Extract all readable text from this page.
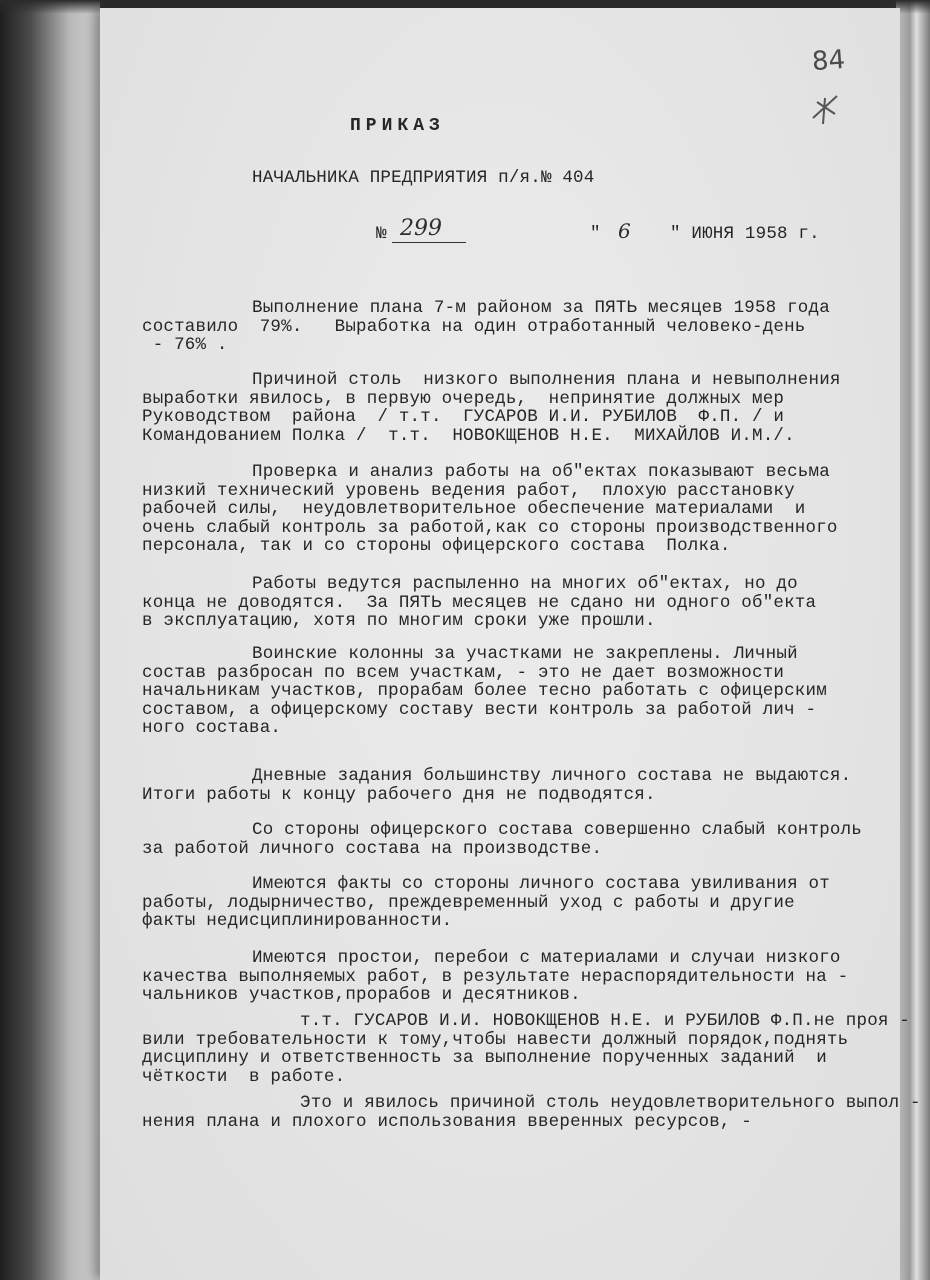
84
ПРИКАЗ
НАЧАЛЬНИКА ПРЕДПРИЯТИЯ п/я.№ 404
№ 299	" 6 " ИЮНЯ 1958 г.
Выполнение плана 7-м районом за ПЯТЬ месяцев 1958 года
составило  79%.   Выработка на один отработанный человеко-день
- 76% .
Причиной столь  низкого выполнения плана и невыполнения
выработки явилось, в первую очередь,  непринятие должных мер
Руководством  района  / т.т.  ГУСАРОВ И.И. РУБИЛОВ  Ф.П. / и
Командованием Полка /  т.т.  НОВОКЩЕНОВ Н.Е.  МИХАЙЛОВ И.М./.
Проверка и анализ работы на об"ектах показывают весьма
низкий технический уровень ведения работ,  плохую расстановку
рабочей силы,  неудовлетворительное обеспечение материалами  и
очень слабый контроль за работой,как со стороны производственного
персонала, так и со стороны офицерского состава  Полка.
Работы ведутся распыленно на многих об"ектах, но до
конца не доводятся.  За ПЯТЬ месяцев не сдано ни одного об"екта
в эксплуатацию, хотя по многим сроки уже прошли.
Воинские колонны за участками не закреплены. Личный
состав разбросан по всем участкам, - это не дает возможности
начальникам участков, прорабам более тесно работать с офицерским
составом, а офицерскому составу вести контроль за работой лич -
ного состава.
Дневные задания большинству личного состава не выдаются.
Итоги работы к концу рабочего дня не подводятся.
Со стороны офицерского состава совершенно слабый контроль
за работой личного состава на производстве.
Имеются факты со стороны личного состава увиливания от
работы, лодырничество, преждевременный уход с работы и другие
факты недисциплинированности.
Имеются простои, перебои с материалами и случаи низкого
качества выполняемых работ, в результате нераспорядительности на -
чальников участков,прорабов и десятников.
т.т. ГУСАРОВ И.И. НОВОКЩЕНОВ Н.Е. и РУБИЛОВ Ф.П.не проя -
вили требовательности к тому,чтобы навести должный порядок,поднять
дисциплину и ответственность за выполнение порученных заданий  и
чёткости  в работе.
Это и явилось причиной столь неудовлетворительного выпол -
нения плана и плохого использования вверенных ресурсов, -
